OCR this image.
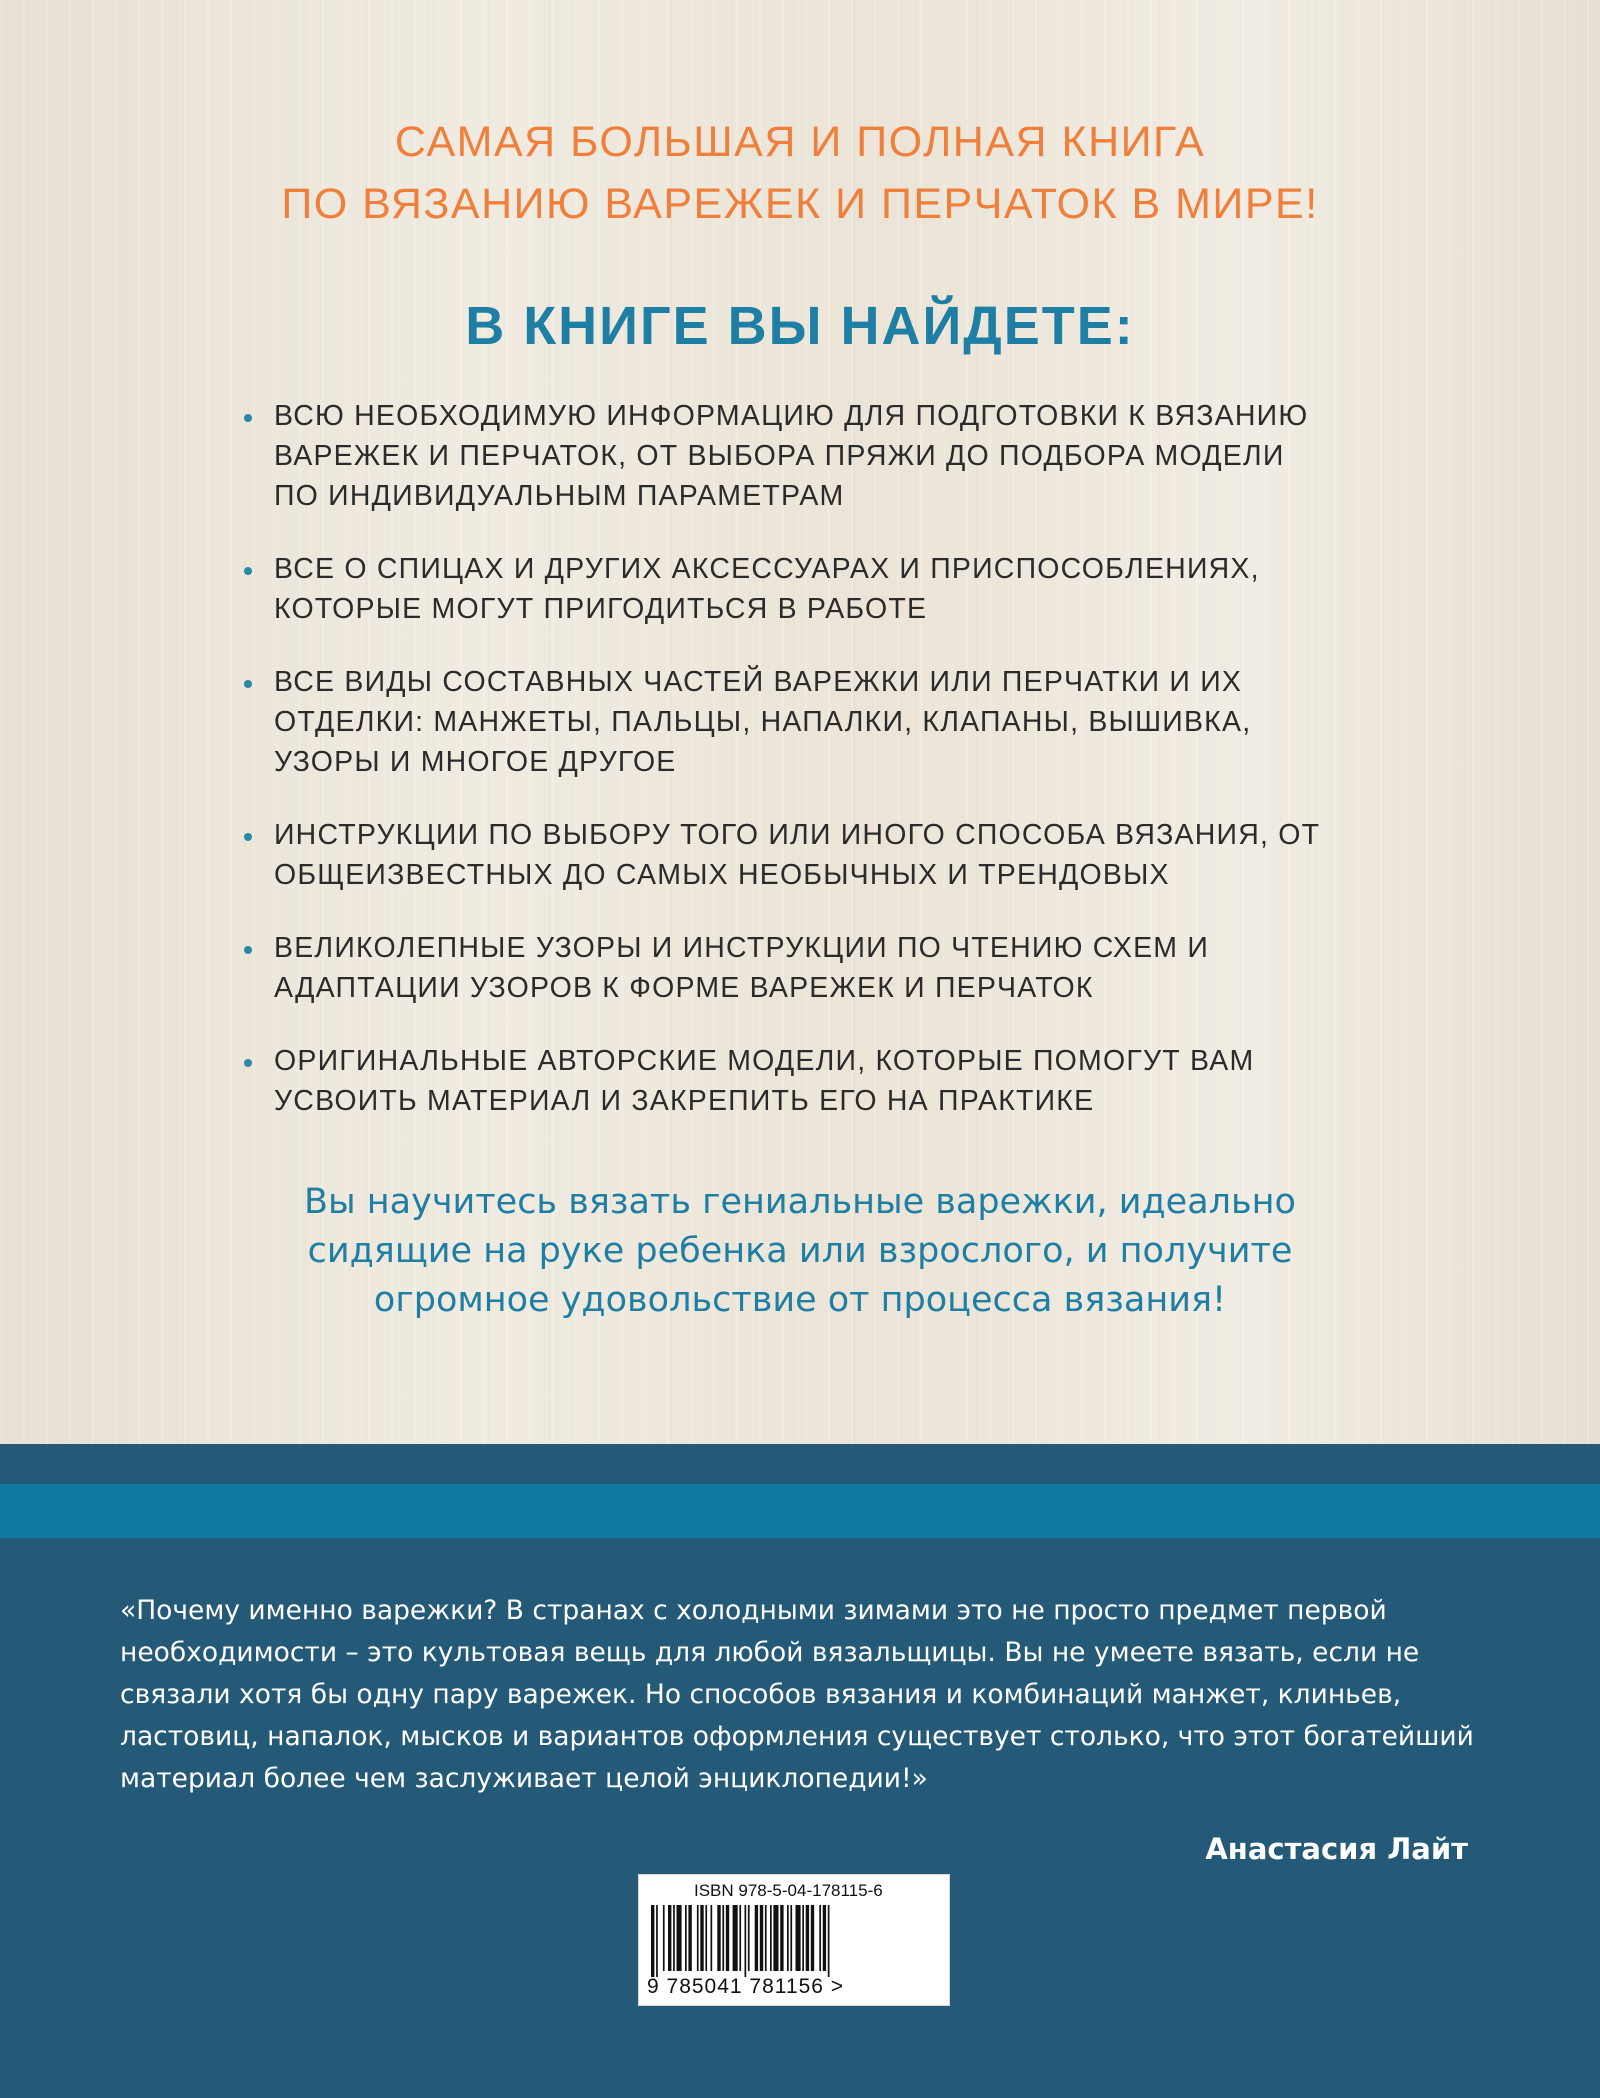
САМАЯ БОЛЬШАЯ И ПОЛНАЯ КНИГА
ПО ВЯЗАНИЮ ВАРЕЖЕК И ПЕРЧАТОК В МИРЕ!
В КНИГЕ ВЫ НАЙДЕТЕ:
ВСЮ НЕОБХОДИМУЮ ИНФОРМАЦИЮ ДЛЯ ПОДГОТОВКИ К ВЯЗАНИЮ ВАРЕЖЕК И ПЕРЧАТОК, ОТ ВЫБОРА ПРЯЖИ ДО ПОДБОРА МОДЕЛИ ПО ИНДИВИДУАЛЬНЫМ ПАРАМЕТРАМ
ВСЕ О СПИЦАХ И ДРУГИХ АКСЕССУАРАХ И ПРИСПОСОБЛЕНИЯХ, КОТОРЫЕ МОГУТ ПРИГОДИТЬСЯ В РАБОТЕ
ВСЕ ВИДЫ СОСТАВНЫХ ЧАСТЕЙ ВАРЕЖКИ ИЛИ ПЕРЧАТКИ И ИХ ОТДЕЛКИ: МАНЖЕТЫ, ПАЛЬЦЫ, НАПАЛКИ, КЛАПАНЫ, ВЫШИВКА, УЗОРЫ И МНОГОЕ ДРУГОЕ
ИНСТРУКЦИИ ПО ВЫБОРУ ТОГО ИЛИ ИНОГО СПОСОБА ВЯЗАНИЯ, ОТ ОБЩЕИЗВЕСТНЫХ ДО САМЫХ НЕОБЫЧНЫХ И ТРЕНДОВЫХ
ВЕЛИКОЛЕПНЫЕ УЗОРЫ И ИНСТРУКЦИИ ПО ЧТЕНИЮ СХЕМ И АДАПТАЦИИ УЗОРОВ К ФОРМЕ ВАРЕЖЕК И ПЕРЧАТОК
ОРИГИНАЛЬНЫЕ АВТОРСКИЕ МОДЕЛИ, КОТОРЫЕ ПОМОГУТ ВАМ УСВОИТЬ МАТЕРИАЛ И ЗАКРЕПИТЬ ЕГО НА ПРАКТИКЕ
Вы научитесь вязать гениальные варежки, идеально
сидящие на руке ребенка или взрослого, и получите
огромное удовольствие от процесса вязания!
«Почему именно варежки? В странах с холодными зимами это не просто предмет первой необходимости – это культовая вещь для любой вязальщицы. Вы не умеете вязать, если не связали хотя бы одну пару варежек. Но способов вязания и комбинаций манжет, клиньев, ластовиц, напалок, мысков и вариантов оформления существует столько, что этот богатейший материал более чем заслуживает целой энциклопедии!»
Анастасия Лайт
ISBN 978-5-04-178115-6
9 785041 781156 >
